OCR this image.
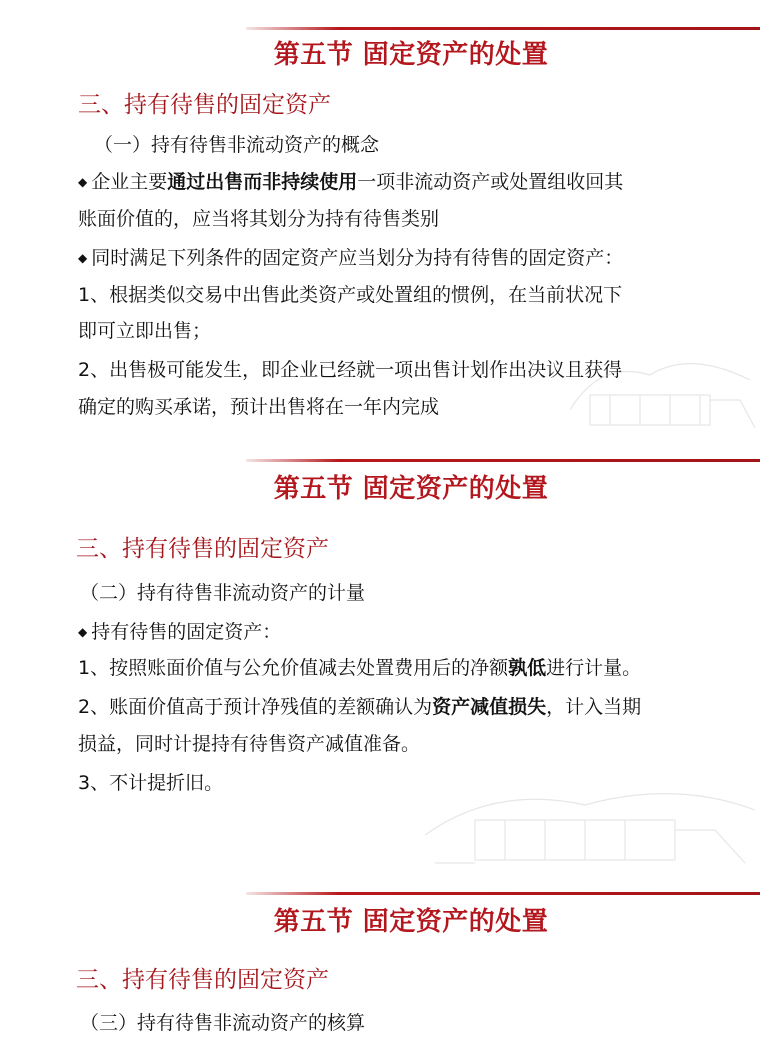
第五节 固定资产的处置
三、持有待售的固定资产
（一）持有待售非流动资产的概念
◆ 企业主要通过出售而非持续使用一项非流动资产或处置组收回其
账面价值的，应当将其划分为持有待售类别
◆ 同时满足下列条件的固定资产应当划分为持有待售的固定资产：
1、根据类似交易中出售此类资产或处置组的惯例，在当前状况下
即可立即出售；
2、出售极可能发生，即企业已经就一项出售计划作出决议且获得
确定的购买承诺，预计出售将在一年内完成
第五节 固定资产的处置
三、持有待售的固定资产
（二）持有待售非流动资产的计量
◆ 持有待售的固定资产：
1、按照账面价值与公允价值减去处置费用后的净额孰低进行计量。
2、账面价值高于预计净残值的差额确认为资产减值损失，计入当期
损益，同时计提持有待售资产减值准备。
3、不计提折旧。
第五节 固定资产的处置
三、持有待售的固定资产
（三）持有待售非流动资产的核算
